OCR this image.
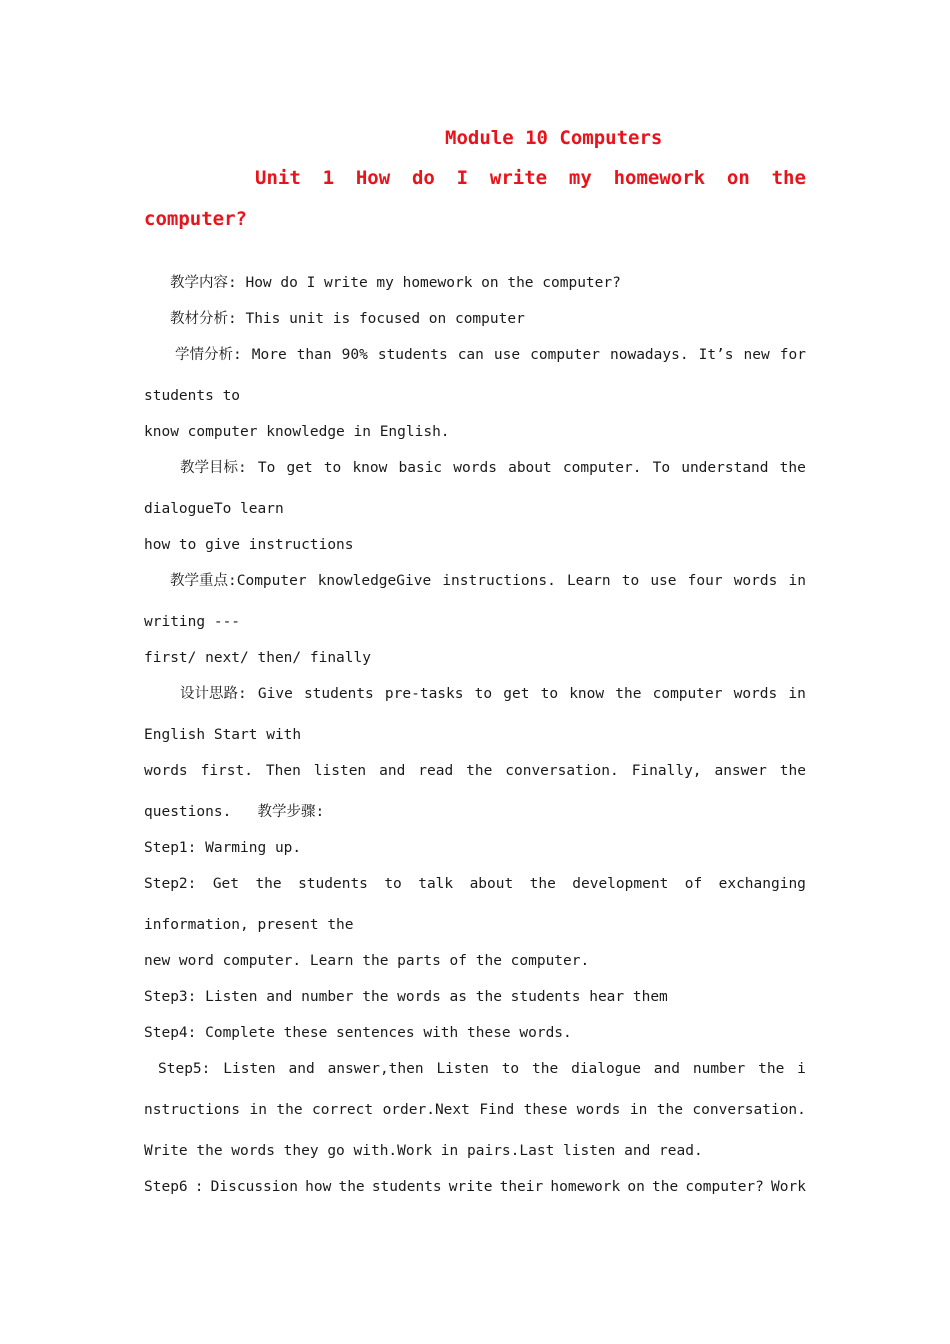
Module 10 Computers
Unit 1 How do I write my homework on the
computer?
教学内容: How do I write my homework on the computer?
教材分析: This unit is focused on computer
学情分析: More than 90% students can use computer nowadays. It’s new for
students to
know computer knowledge in English.
教学目标: To get to know basic words about computer. To understand the
dialogueTo learn
how to give instructions
教学重点:Computer knowledgeGive instructions. Learn to use four words in
writing ---
first/ next/ then/ finally
设计思路: Give students pre-tasks to get to know the computer words in
English Start with
words first. Then listen and read the conversation. Finally, answer the
questions.   教学步骤:
Step1: Warming up.
Step2: Get the students to talk about the development of exchanging
information, present the
new word computer. Learn the parts of the computer.
Step3: Listen and number the words as the students hear them
Step4: Complete these sentences with these words.
Step5: Listen and answer,then Listen to the dialogue and number the i
nstructions in the correct order.Next Find these words in the conversation.
Write the words they go with.Work in pairs.Last listen and read.
Step6 : Discussion how the students write their homework on the computer? Work
